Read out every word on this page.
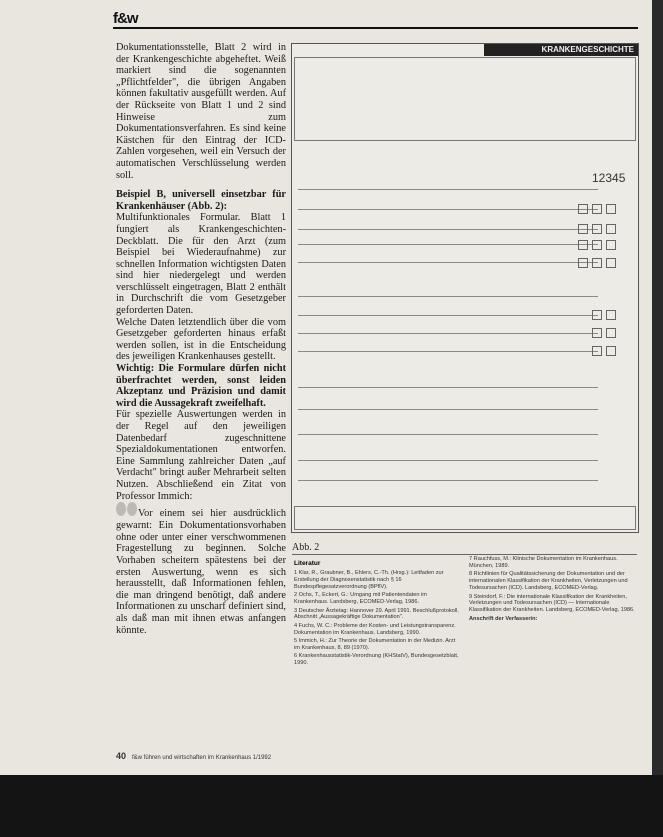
f&w

Dokumentationsstelle, Blatt 2 wird in der Krankengeschichte abgeheftet. Weiß markiert sind die sogenannten „Pflichtfelder", die übrigen Angaben können fakultativ ausgefüllt werden. Auf der Rückseite von Blatt 1 und 2 sind Hinweise zum Dokumentationsverfahren. Es sind keine Kästchen für den Eintrag der ICD-Zahlen vorgesehen, weil ein Versuch der automatischen Verschlüsselung werden soll.

Beispiel B, universell einsetzbar für Krankenhäuser (Abb. 2):

Multifunktionales Formular. Blatt 1 fungiert als Krankengeschichten-Deckblatt. Die für den Arzt (zum Beispiel bei Wiederaufnahme) zur schnellen Information wichtigsten Daten sind hier niedergelegt und werden verschlüsselt eingetragen, Blatt 2 enthält in Durchschrift die vom Gesetzgeber geforderten Daten.

Welche Daten letztendlich über die vom Gesetzgeber geforderten hinaus erfaßt werden sollen, ist in die Entscheidung des jeweiligen Krankenhauses gestellt.

Wichtig: Die Formulare dürfen nicht überfrachtet werden, sonst leiden Akzeptanz und Präzision und damit wird die Aussagekraft zweifelhaft.

Für spezielle Auswertungen werden in der Regel auf den jeweiligen Datenbedarf zugeschnittene Spezialdokumentationen entworfen. Eine Sammlung zahlreicher Daten „auf Verdacht" bringt außer Mehrarbeit selten Nutzen. Abschließend ein Zitat von Professor Immich:

Vor einem sei hier ausdrücklich gewarnt: Ein Dokumentationsvorhaben ohne oder unter einer verschwommenen Fragestellung zu beginnen. Solche Vorhaben scheitern spätestens bei der ersten Auswertung, wenn es sich herausstellt, daß Informationen fehlen, die man dringend benötigt, daß andere Informationen zu unscharf definiert sind, als daß man mit ihnen etwas anfangen könnte.

KRANKENGESCHICHTE
12345
Abb. 2
Literatur

1 Klar, R., Graubner, B., Ehlers, C.-Th. (Hrsg.): Leitfaden zur Erstellung der Diagnosenstatistik nach § 16 Bundespflegesatzverordnung (BPflV).

2 Ochs, T., Eckert, G.: Umgang mit Patientendaten im Krankenhaus. Landsberg, ECOMED-Verlag, 1986.

3 Deutscher Ärztetag: Hannover 29. April 1991. Beschlußprotokoll, Abschnitt „Aussagekräftige Dokumentation".

4 Fuchs, W. C.: Probleme der Kosten- und Leistungstransparenz. Dokumentation im Krankenhaus. Landsberg, 1990.

5 Immich, H.: Zur Theorie der Dokumentation in der Medizin. Arzt im Krankenhaus, 8, 89 (1970).

6 Krankenhausstatistik-Verordnung (KHStatV), Bundesgesetzblatt, 1990.

7 Rauchfuss, M.: Klinische Dokumentation im Krankenhaus. München, 1989.

8 Richtlinien für Qualitätssicherung der Dokumentation und der internationalen Klassifikation der Krankheiten, Verletzungen und Todesursachen (ICD). Landsberg, ECOMED-Verlag.

9 Steindorf, F.: Die internationale Klassifikation der Krankheiten, Verletzungen und Todesursachen (ICD) — Internationale Klassifikation der Krankheiten. Landsberg, ECOMED-Verlag, 1986.

Anschrift der Verfasserin:

40 f&w führen und wirtschaften im Krankenhaus 1/1992
